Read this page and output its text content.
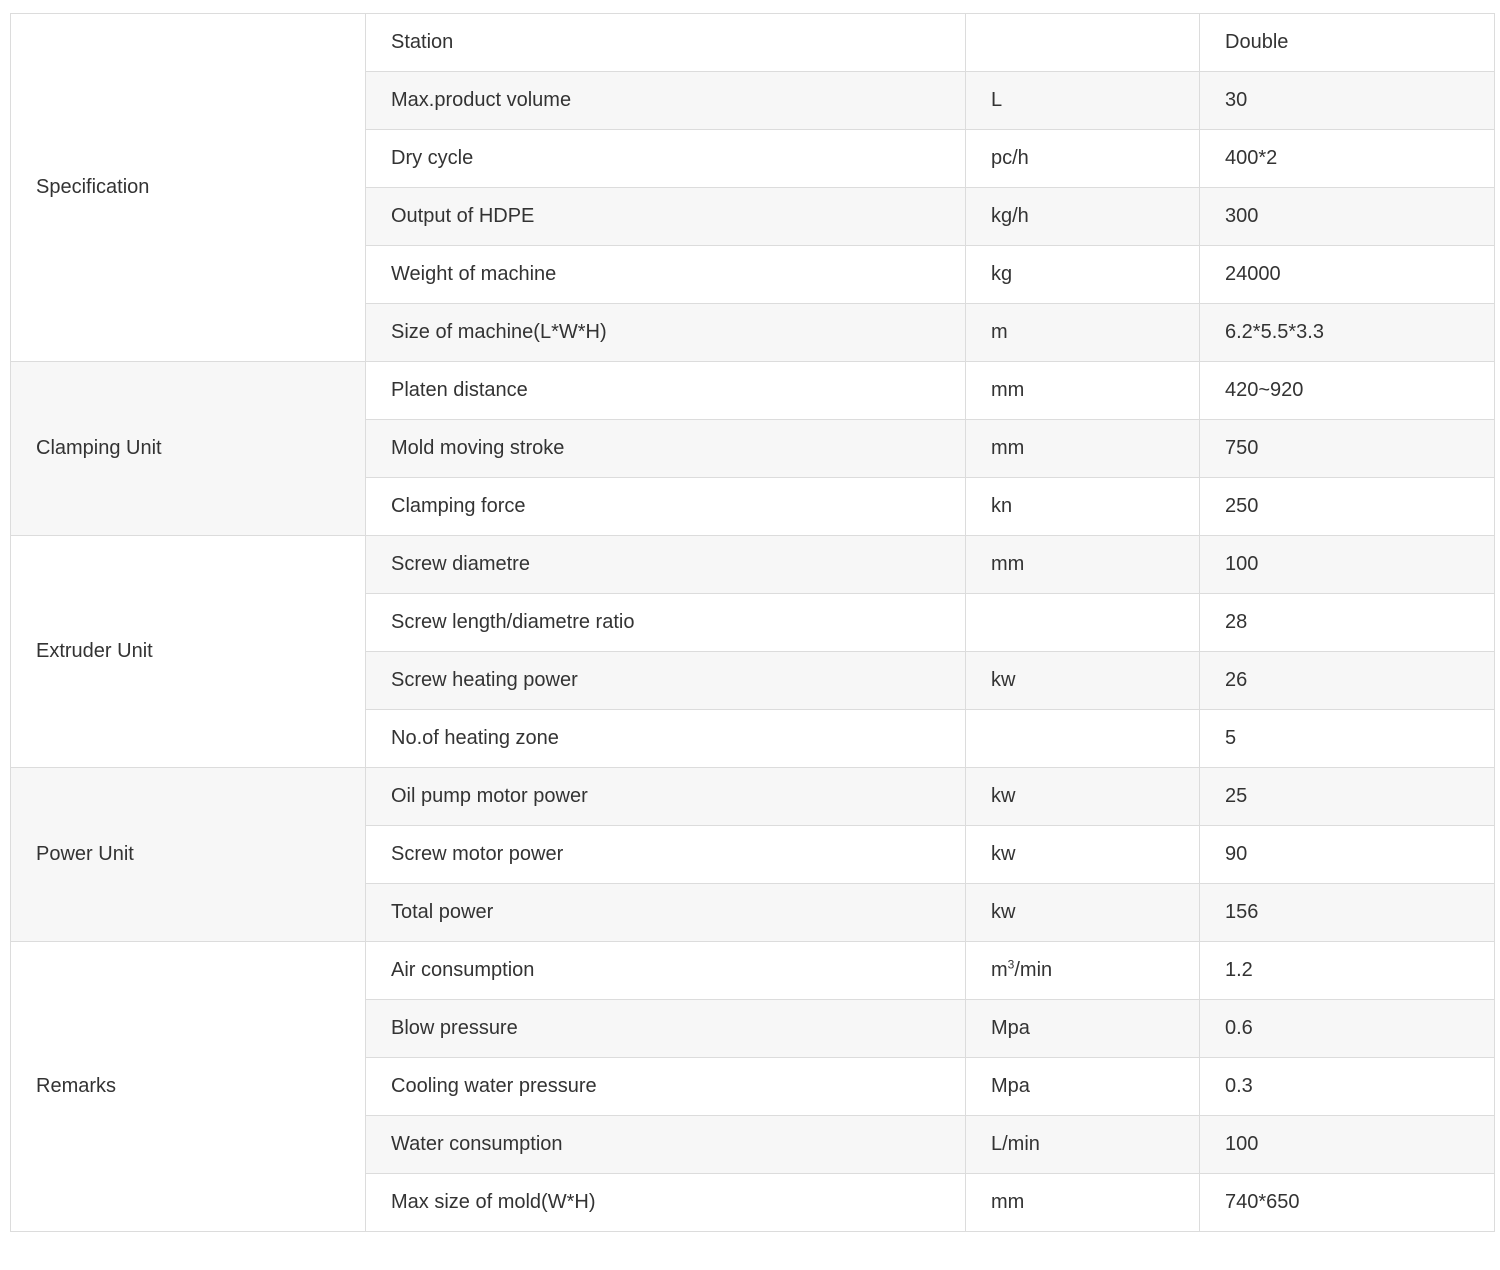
Specification	Station		Double
	Max.product volume	L	30
	Dry cycle	pc/h	400*2
	Output of HDPE	kg/h	300
	Weight of machine	kg	24000
	Size of machine(L*W*H)	m	6.2*5.5*3.3
Clamping Unit	Platen distance	mm	420~920
	Mold moving stroke	mm	750
	Clamping force	kn	250
Extruder Unit	Screw diametre	mm	100
	Screw length/diametre ratio		28
	Screw heating power	kw	26
	No.of heating zone		5
Power Unit	Oil pump motor power	kw	25
	Screw motor power	kw	90
	Total power	kw	156
Remarks	Air consumption	$m^3/\min$	1.2
	Blow pressure	Mpa	0.6
	Cooling water pressure	Mpa	0.3
	Water consumption	L/min	100
	Max size of mold(W*H)	mm	740*650
